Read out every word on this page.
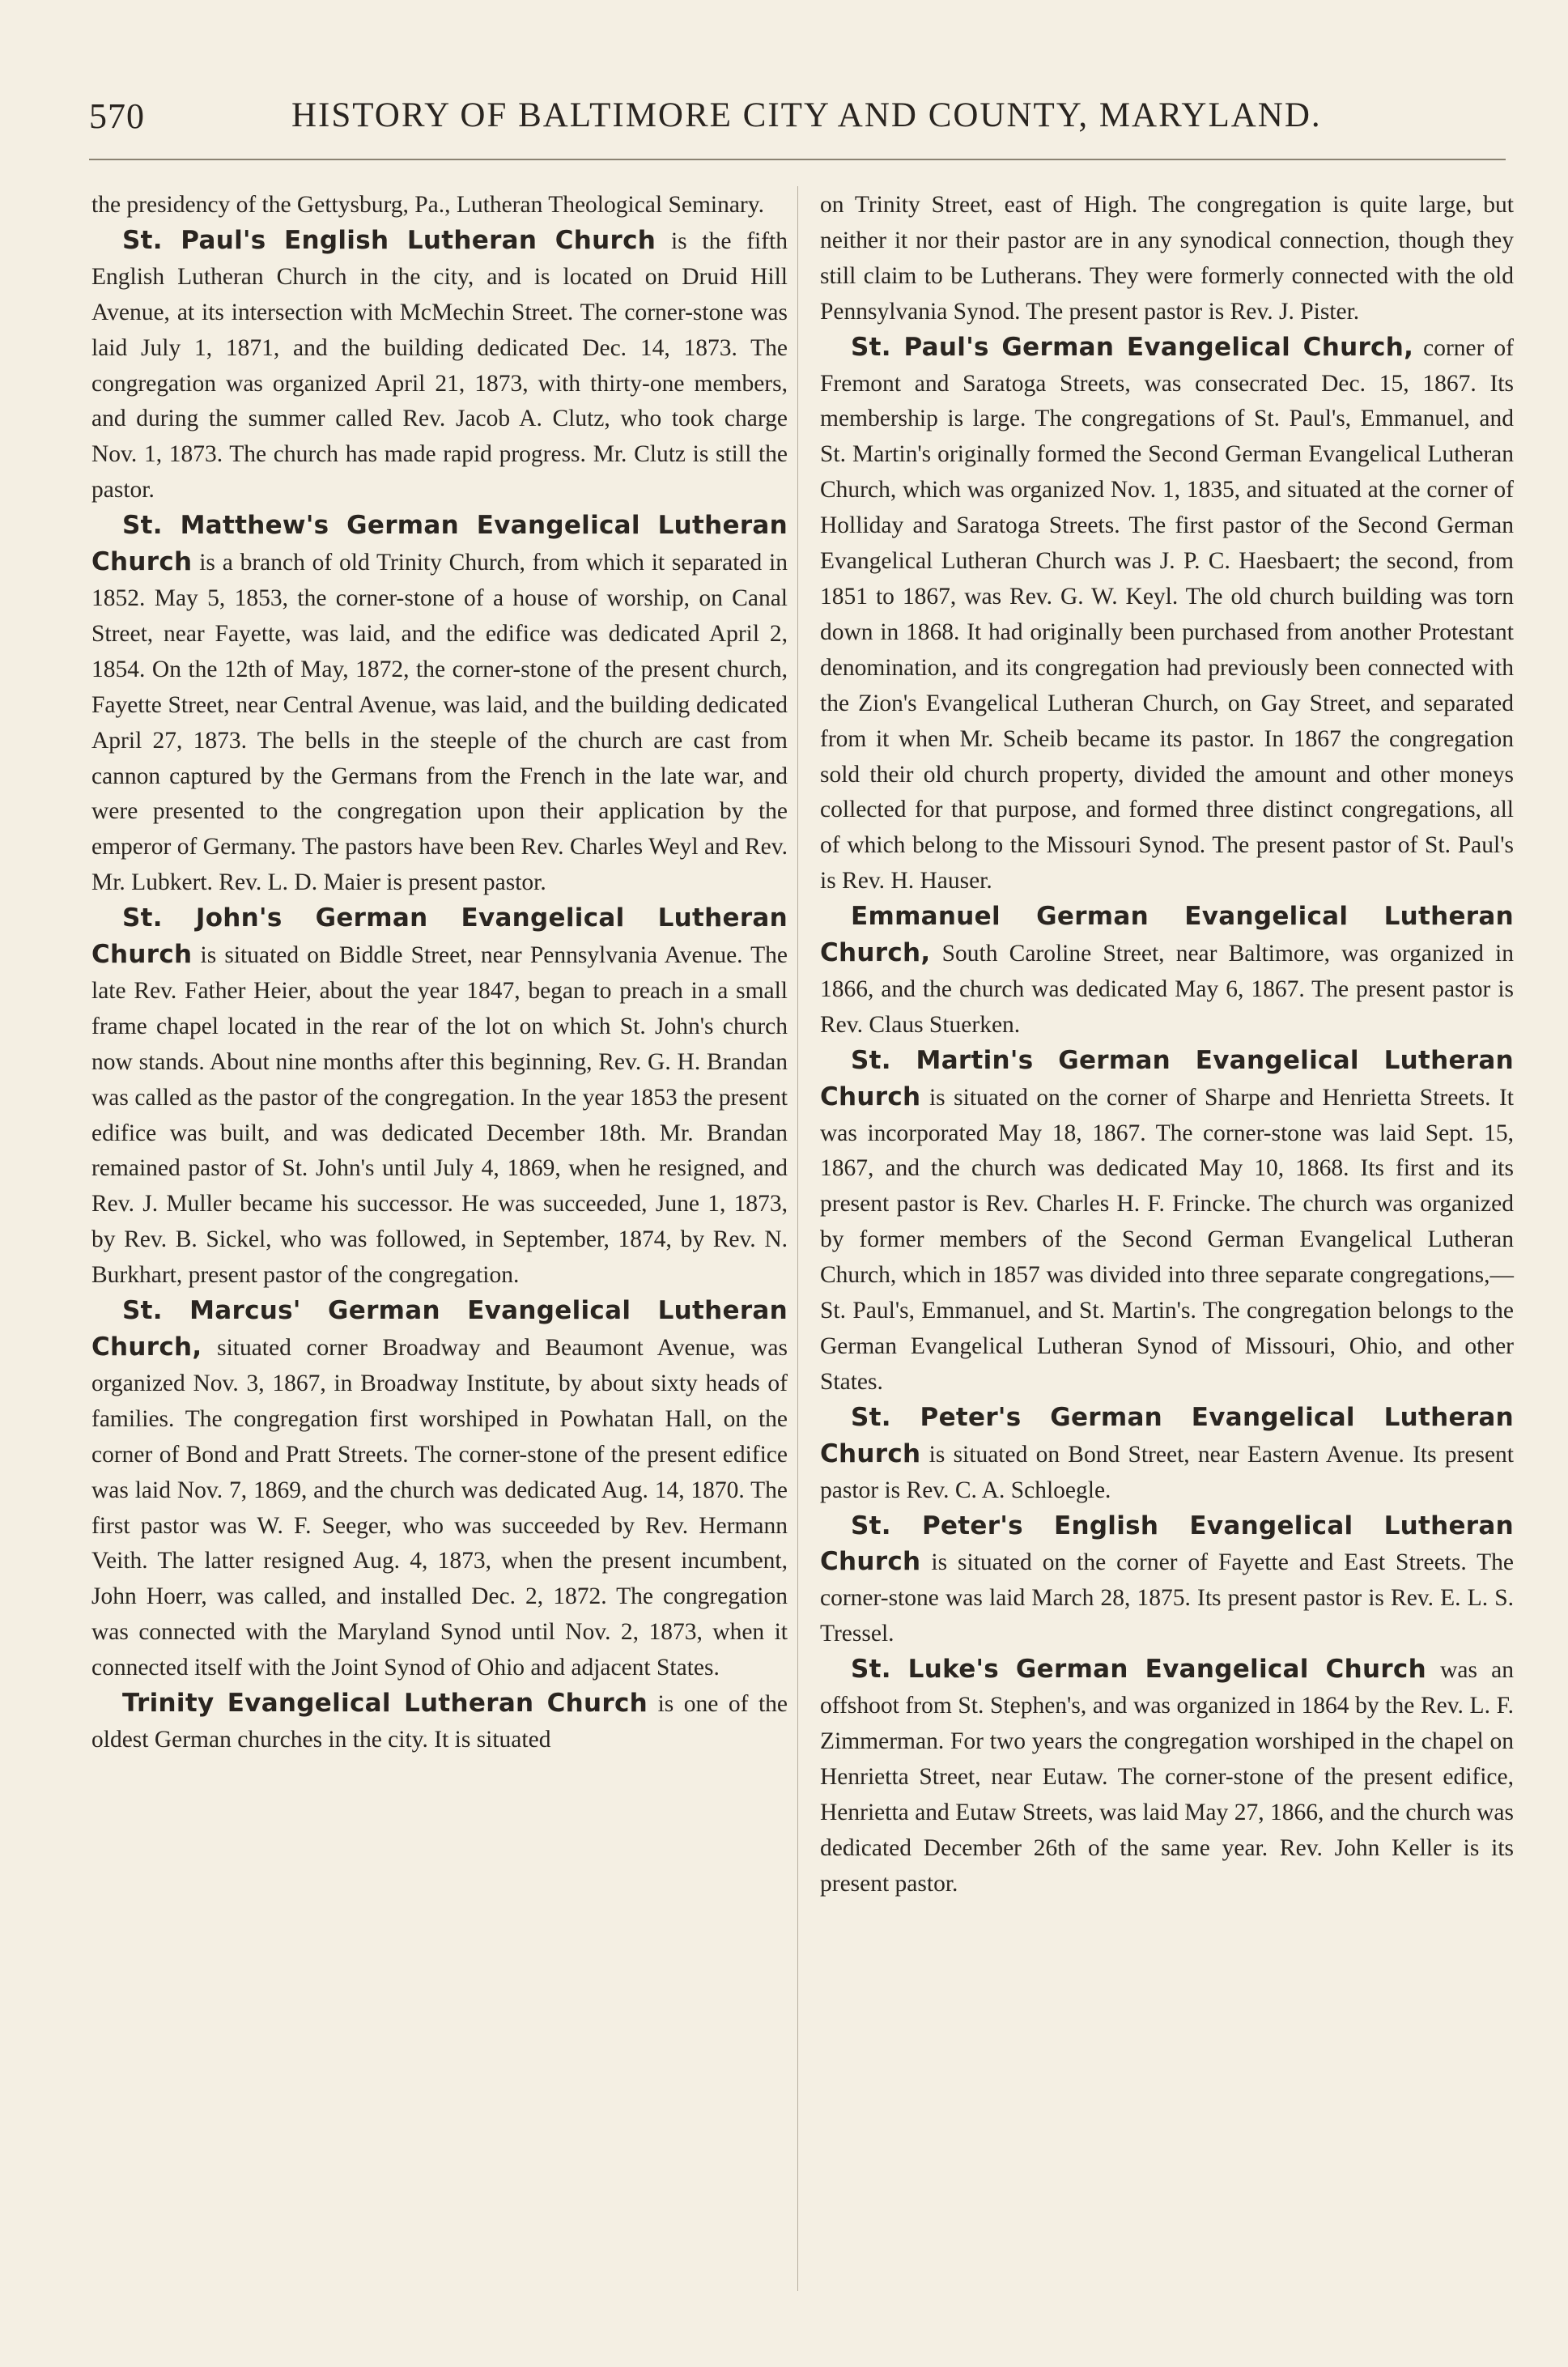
570	HISTORY OF BALTIMORE CITY AND COUNTY, MARYLAND.

the presidency of the Gettysburg, Pa., Lutheran Theological Seminary.

St. Paul's English Lutheran Church is the fifth English Lutheran Church in the city, and is located on Druid Hill Avenue, at its intersection with McMechin Street. The corner-stone was laid July 1, 1871, and the building dedicated Dec. 14, 1873. The congregation was organized April 21, 1873, with thirty-one members, and during the summer called Rev. Jacob A. Clutz, who took charge Nov. 1, 1873. The church has made rapid progress. Mr. Clutz is still the pastor.

St. Matthew's German Evangelical Lutheran Church is a branch of old Trinity Church, from which it separated in 1852. May 5, 1853, the corner-stone of a house of worship, on Canal Street, near Fayette, was laid, and the edifice was dedicated April 2, 1854. On the 12th of May, 1872, the corner-stone of the present church, Fayette Street, near Central Avenue, was laid, and the building dedicated April 27, 1873. The bells in the steeple of the church are cast from cannon captured by the Germans from the French in the late war, and were presented to the congregation upon their application by the emperor of Germany. The pastors have been Rev. Charles Weyl and Rev. Mr. Lubkert. Rev. L. D. Maier is present pastor.

St. John's German Evangelical Lutheran Church is situated on Biddle Street, near Pennsylvania Avenue. The late Rev. Father Heier, about the year 1847, began to preach in a small frame chapel located in the rear of the lot on which St. John's church now stands. About nine months after this beginning, Rev. G. H. Brandan was called as the pastor of the congregation. In the year 1853 the present edifice was built, and was dedicated December 18th. Mr. Brandan remained pastor of St. John's until July 4, 1869, when he resigned, and Rev. J. Muller became his successor. He was succeeded, June 1, 1873, by Rev. B. Sickel, who was followed, in September, 1874, by Rev. N. Burkhart, present pastor of the congregation.

St. Marcus' German Evangelical Lutheran Church, situated corner Broadway and Beaumont Avenue, was organized Nov. 3, 1867, in Broadway Institute, by about sixty heads of families. The congregation first worshiped in Powhatan Hall, on the corner of Bond and Pratt Streets. The corner-stone of the present edifice was laid Nov. 7, 1869, and the church was dedicated Aug. 14, 1870. The first pastor was W. F. Seeger, who was succeeded by Rev. Hermann Veith. The latter resigned Aug. 4, 1873, when the present incumbent, John Hoerr, was called, and installed Dec. 2, 1872. The congregation was connected with the Maryland Synod until Nov. 2, 1873, when it connected itself with the Joint Synod of Ohio and adjacent States.

Trinity Evangelical Lutheran Church is one of the oldest German churches in the city. It is situated

on Trinity Street, east of High. The congregation is quite large, but neither it nor their pastor are in any synodical connection, though they still claim to be Lutherans. They were formerly connected with the old Pennsylvania Synod. The present pastor is Rev. J. Pister.

St. Paul's German Evangelical Church, corner of Fremont and Saratoga Streets, was consecrated Dec. 15, 1867. Its membership is large. The congregations of St. Paul's, Emmanuel, and St. Martin's originally formed the Second German Evangelical Lutheran Church, which was organized Nov. 1, 1835, and situated at the corner of Holliday and Saratoga Streets. The first pastor of the Second German Evangelical Lutheran Church was J. P. C. Haesbaert; the second, from 1851 to 1867, was Rev. G. W. Keyl. The old church building was torn down in 1868. It had originally been purchased from another Protestant denomination, and its congregation had previously been connected with the Zion's Evangelical Lutheran Church, on Gay Street, and separated from it when Mr. Scheib became its pastor. In 1867 the congregation sold their old church property, divided the amount and other moneys collected for that purpose, and formed three distinct congregations, all of which belong to the Missouri Synod. The present pastor of St. Paul's is Rev. H. Hauser.

Emmanuel German Evangelical Lutheran Church, South Caroline Street, near Baltimore, was organized in 1866, and the church was dedicated May 6, 1867. The present pastor is Rev. Claus Stuerken.

St. Martin's German Evangelical Lutheran Church is situated on the corner of Sharpe and Henrietta Streets. It was incorporated May 18, 1867. The corner-stone was laid Sept. 15, 1867, and the church was dedicated May 10, 1868. Its first and its present pastor is Rev. Charles H. F. Frincke. The church was organized by former members of the Second German Evangelical Lutheran Church, which in 1857 was divided into three separate congregations,— St. Paul's, Emmanuel, and St. Martin's. The congregation belongs to the German Evangelical Lutheran Synod of Missouri, Ohio, and other States.

St. Peter's German Evangelical Lutheran Church is situated on Bond Street, near Eastern Avenue. Its present pastor is Rev. C. A. Schloegle.

St. Peter's English Evangelical Lutheran Church is situated on the corner of Fayette and East Streets. The corner-stone was laid March 28, 1875. Its present pastor is Rev. E. L. S. Tressel.

St. Luke's German Evangelical Church was an offshoot from St. Stephen's, and was organized in 1864 by the Rev. L. F. Zimmerman. For two years the congregation worshiped in the chapel on Henrietta Street, near Eutaw. The corner-stone of the present edifice, Henrietta and Eutaw Streets, was laid May 27, 1866, and the church was dedicated December 26th of the same year. Rev. John Keller is its present pastor.
